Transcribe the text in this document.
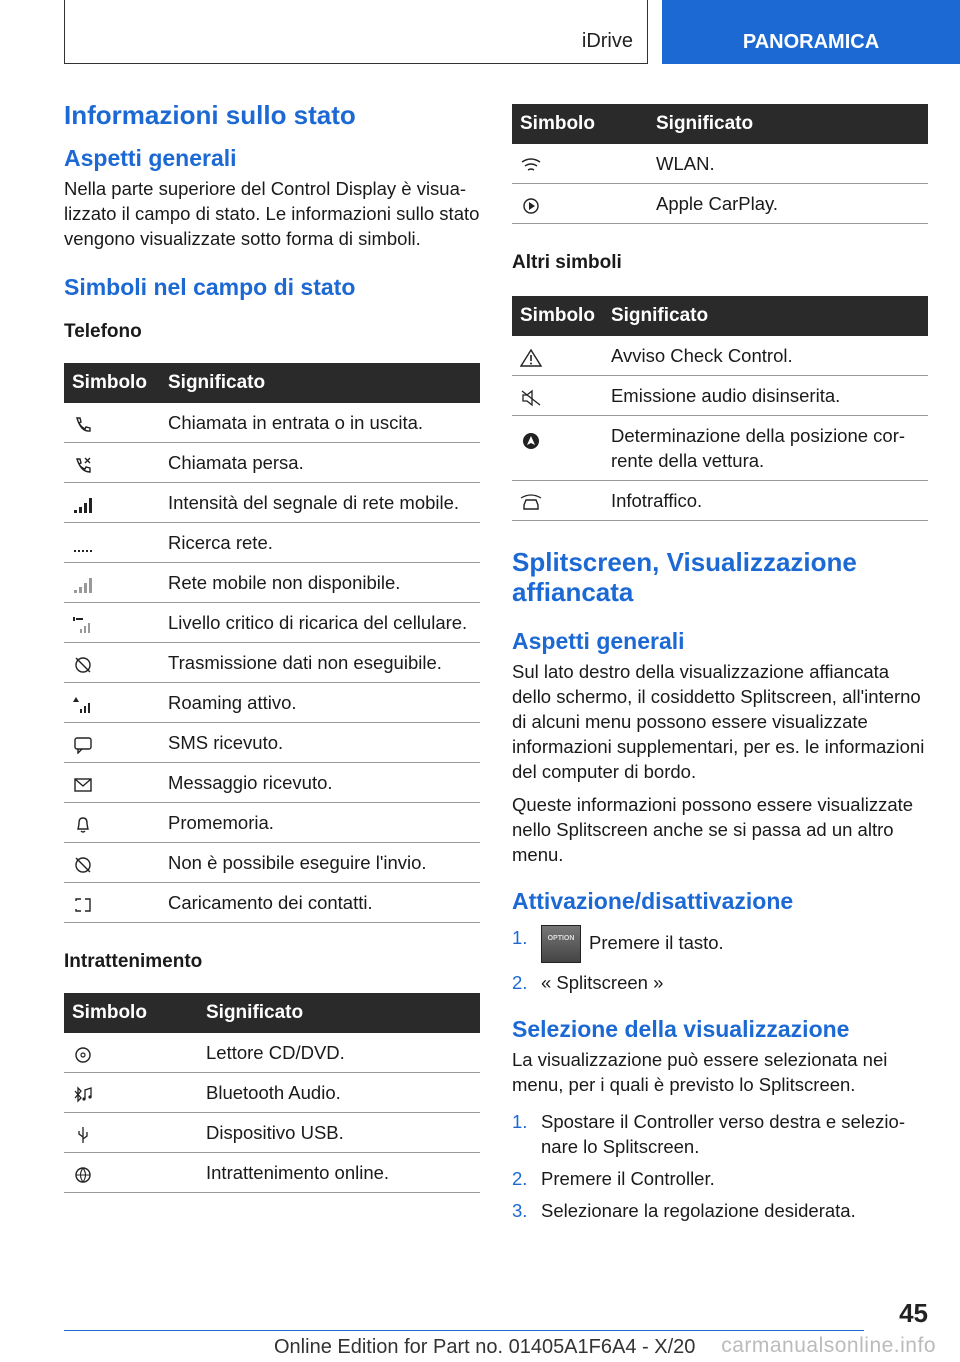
iDrive	PANORAMICA
Informazioni sullo stato
Aspetti generali
Nella parte superiore del Control Display è visualizzato il campo di stato. Le informazioni sullo stato vengono visualizzate sotto forma di simboli.
Simboli nel campo di stato
Telefono
Simbolo	Significato
	Chiamata in entrata o in uscita.
	Chiamata persa.
	Intensità del segnale di rete mobile.
	Ricerca rete.
	Rete mobile non disponibile.
	Livello critico di ricarica del cellulare.
	Trasmissione dati non eseguibile.
	Roaming attivo.
	SMS ricevuto.
	Messaggio ricevuto.
	Promemoria.
	Non è possibile eseguire l'invio.
	Caricamento dei contatti.
Intrattenimento
Simbolo	Significato
	Lettore CD/DVD.
	Bluetooth Audio.
	Dispositivo USB.
	Intrattenimento online.
Simbolo	Significato
	WLAN.
	Apple CarPlay.
Altri simboli
Simbolo	Significato
	Avviso Check Control.
	Emissione audio disinserita.
	Determinazione della posizione corrente della vettura.
	Infotraffico.
Splitscreen, Visualizzazione affiancata
Aspetti generali
Sul lato destro della visualizzazione affiancata dello schermo, il cosiddetto Splitscreen, all'interno di alcuni menu possono essere visualizzate informazioni supplementari, per es. le informazioni del computer di bordo.
Queste informazioni possono essere visualizzate nello Splitscreen anche se si passa ad un altro menu.
Attivazione/disattivazione
1.	OPTION Premere il tasto.
2. « Splitscreen »
Selezione della visualizzazione
La visualizzazione può essere selezionata nei menu, per i quali è previsto lo Splitscreen.
1. Spostare il Controller verso destra e selezionare lo Splitscreen.
2. Premere il Controller.
3. Selezionare la regolazione desiderata.
45
Online Edition for Part no. 01405A1F6A4 - X/20 carmanualsonline.info
